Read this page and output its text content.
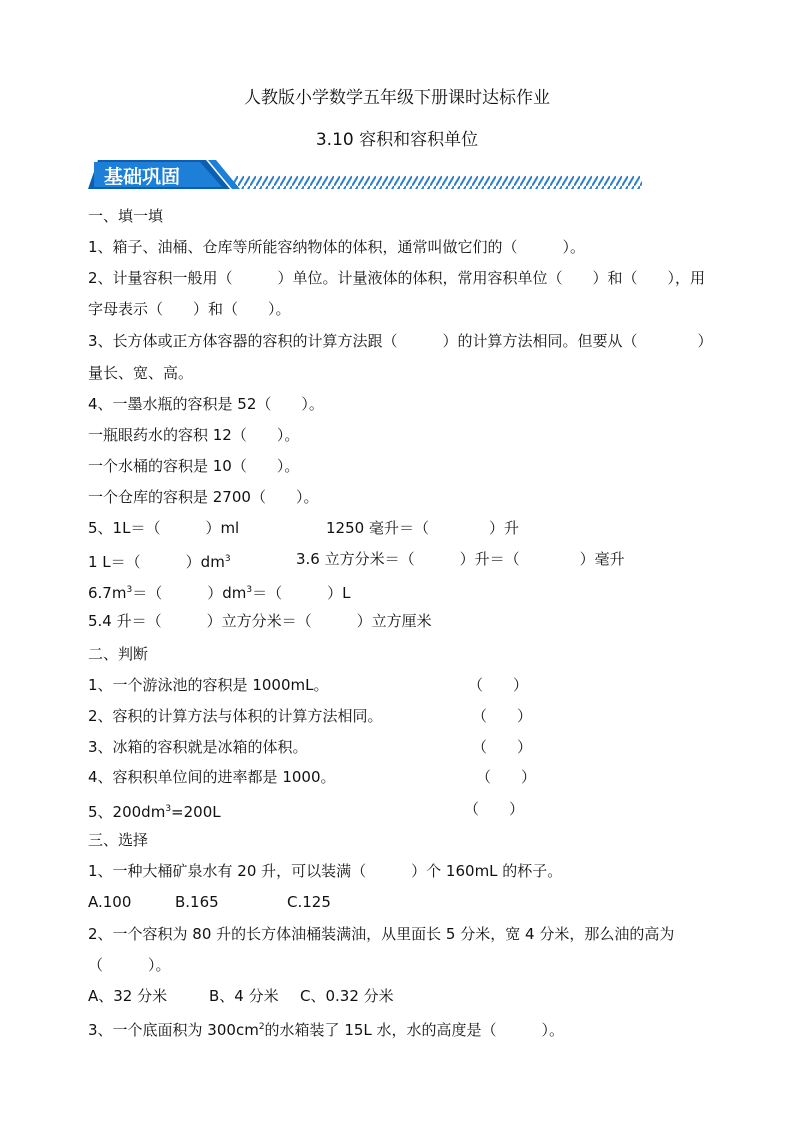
人教版小学数学五年级下册课时达标作业
3.10 容积和容积单位
基础巩固
一、填一填
1、箱子、油桶、仓库等所能容纳物体的体积，通常叫做它们的（　　　）。
2、计量容积一般用（　　　）单位。计量液体的体积，常用容积单位（　　）和（　　），用
字母表示（　　）和（　　）。
3、长方体或正方体容器的容积的计算方法跟（　　　）的计算方法相同。但要从（　　　　）
量长、宽、高。
4、一墨水瓶的容积是 52（　　）。
一瓶眼药水的容积 12（　　）。
一个水桶的容积是 10（　　）。
一个仓库的容积是 2700（　　）。
5、1L＝（　　　）ml	1250 毫升＝（　　　　）升
1 L＝（　　　）$dm^3$	3.6 立方分米＝（　　　）升＝（　　　　）毫升
$6.7m^3=$（　　　）$dm^3=$（　　　）L
5.4 升＝（　　　）立方分米＝（　　　）立方厘米
二、判断
1、一个游泳池的容积是 1000mL。	（　　）
2、容积的计算方法与体积的计算方法相同。	（　　）
3、冰箱的容积就是冰箱的体积。	（　　）
4、容积积单位间的进率都是 1000。	（　　）
5、$200dm^3=200L$	（　　）
三、选择
1、一种大桶矿泉水有 20 升，可以装满（　　　）个 160mL 的杯子。
A.100	B.165	C.125
2、一个容积为 80 升的长方体油桶装满油，从里面长 5 分米，宽 4 分米，那么油的高为
（　　　）。
A、32 分米	B、4 分米 C、0.32 分米
3、一个底面积为 $300cm^2$的水箱装了 15L 水，水的高度是（　　　）。
